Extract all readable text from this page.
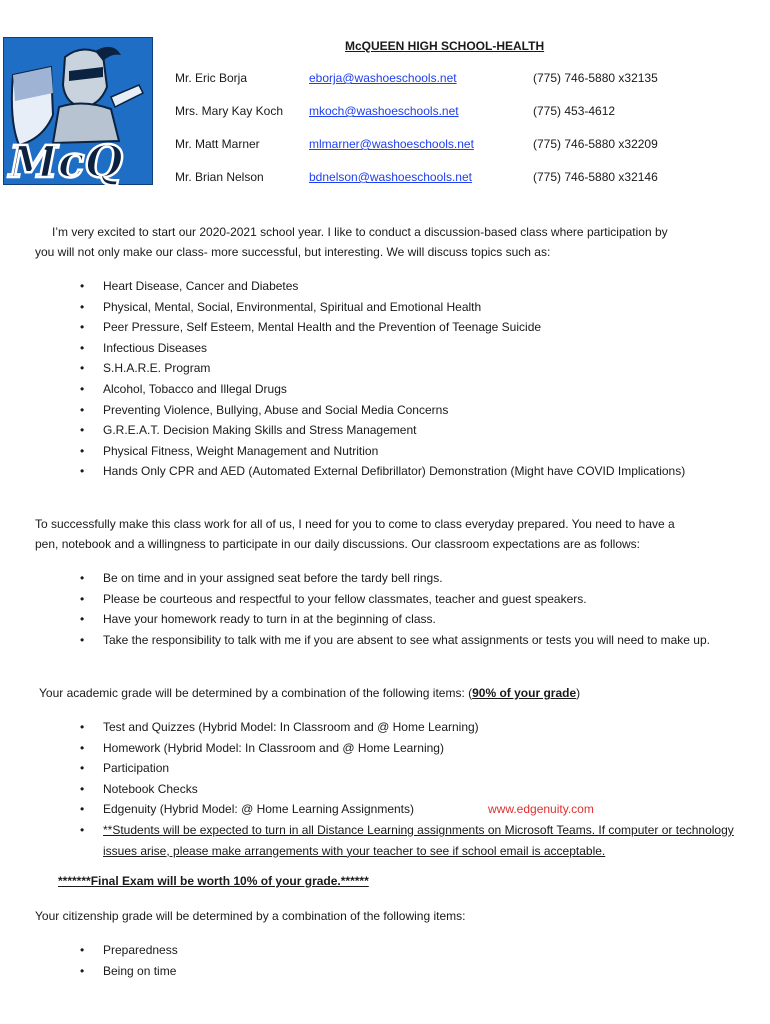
McQ
McQUEEN HIGH SCHOOL-HEALTH
Mr. Eric Borja	eborja@washoeschools.net	(775) 746-5880 x32135
Mrs. Mary Kay Koch mkoch@washoeschools.net	(775) 453-4612
Mr. Matt Marner	mlmarner@washoeschools.net	(775) 746-5880 x32209
Mr. Brian Nelson	bdnelson@washoeschools.net	(775) 746-5880 x32146
I’m very excited to start our 2020-2021 school year. I like to conduct a discussion-based class where participation by
you will not only make our class- more successful, but interesting. We will discuss topics such as:
• Heart Disease, Cancer and Diabetes
• Physical, Mental, Social, Environmental, Spiritual and Emotional Health
• Peer Pressure, Self Esteem, Mental Health and the Prevention of Teenage Suicide
• Infectious Diseases
• S.H.A.R.E. Program
• Alcohol, Tobacco and Illegal Drugs
• Preventing Violence, Bullying, Abuse and Social Media Concerns
• G.R.E.A.T. Decision Making Skills and Stress Management
• Physical Fitness, Weight Management and Nutrition
• Hands Only CPR and AED (Automated External Defibrillator) Demonstration (Might have COVID Implications)
To successfully make this class work for all of us, I need for you to come to class everyday prepared. You need to have a
pen, notebook and a willingness to participate in our daily discussions. Our classroom expectations are as follows:
• Be on time and in your assigned seat before the tardy bell rings.
• Please be courteous and respectful to your fellow classmates, teacher and guest speakers.
• Have your homework ready to turn in at the beginning of class.
• Take the responsibility to talk with me if you are absent to see what assignments or tests you will need to make up.
Your academic grade will be determined by a combination of the following items: (90% of your grade)
• Test and Quizzes (Hybrid Model: In Classroom and @ Home Learning)
• Homework (Hybrid Model: In Classroom and @ Home Learning)
• Participation
• Notebook Checks
• Edgenuity (Hybrid Model: @ Home Learning Assignments)	www.edgenuity.com
• **Students will be expected to turn in all Distance Learning assignments on Microsoft Teams. If computer or technology issues arise, please make arrangements with your teacher to see if school email is acceptable.
*******Final Exam will be worth 10% of your grade.******
Your citizenship grade will be determined by a combination of the following items:
• Preparedness
• Being on time
